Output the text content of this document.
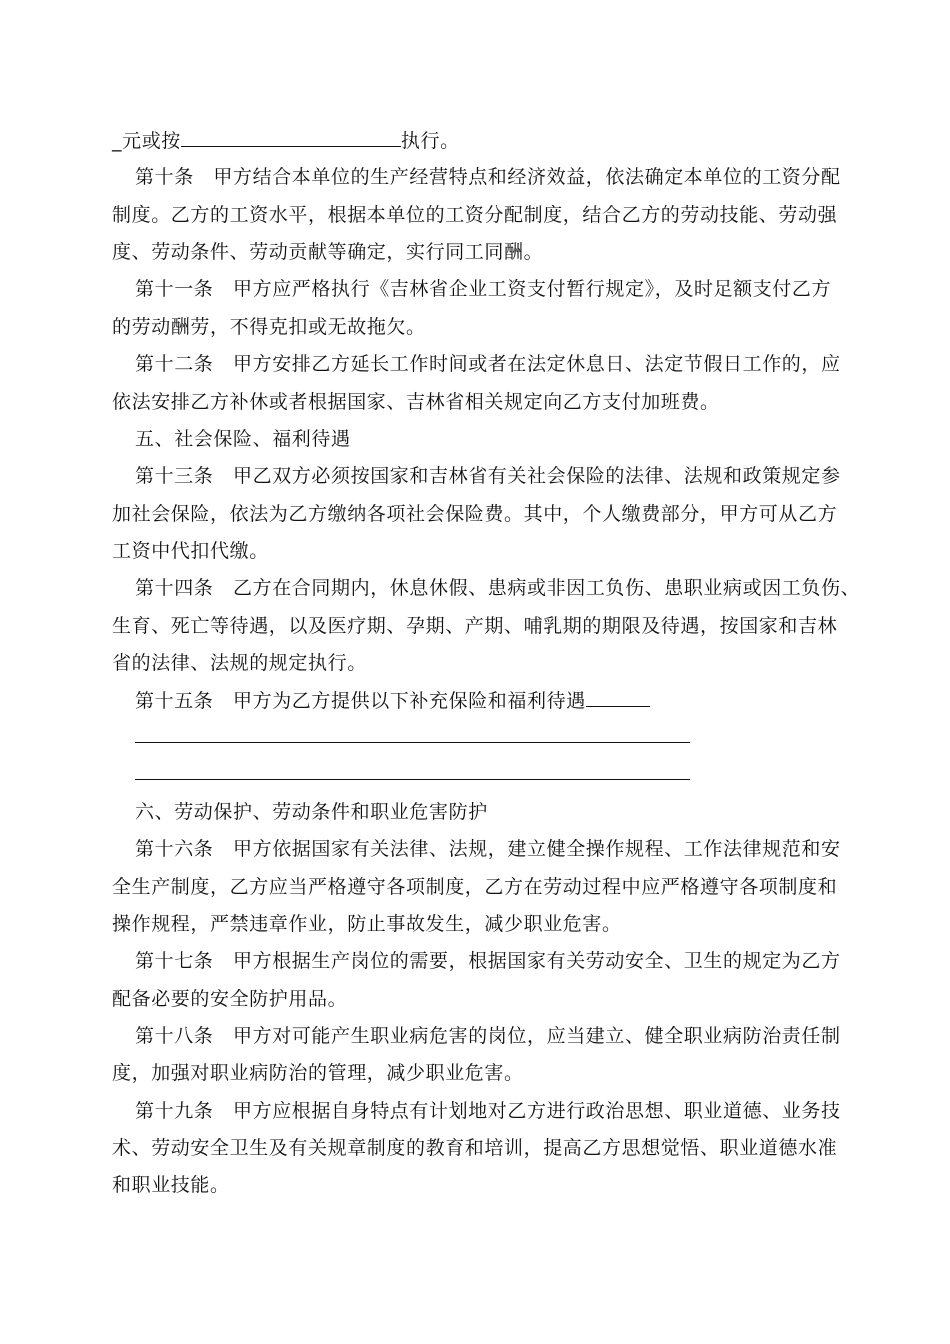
_元或按	执行。
第十条　甲方结合本单位的生产经营特点和经济效益，依法确定本单位的工资分配
制度。乙方的工资水平，根据本单位的工资分配制度，结合乙方的劳动技能、劳动强
度、劳动条件、劳动贡献等确定，实行同工同酬。
第十一条　甲方应严格执行《吉林省企业工资支付暂行规定》，及时足额支付乙方
的劳动酬劳，不得克扣或无故拖欠。
第十二条　甲方安排乙方延长工作时间或者在法定休息日、法定节假日工作的，应
依法安排乙方补休或者根据国家、吉林省相关规定向乙方支付加班费。
五、社会保险、福利待遇
第十三条　甲乙双方必须按国家和吉林省有关社会保险的法律、法规和政策规定参
加社会保险，依法为乙方缴纳各项社会保险费。其中，个人缴费部分，甲方可从乙方
工资中代扣代缴。
第十四条　乙方在合同期内，休息休假、患病或非因工负伤、患职业病或因工负伤、
生育、死亡等待遇，以及医疗期、孕期、产期、哺乳期的期限及待遇，按国家和吉林
省的法律、法规的规定执行。
第十五条　甲方为乙方提供以下补充保险和福利待遇
六、劳动保护、劳动条件和职业危害防护
第十六条　甲方依据国家有关法律、法规，建立健全操作规程、工作法律规范和安
全生产制度，乙方应当严格遵守各项制度，乙方在劳动过程中应严格遵守各项制度和
操作规程，严禁违章作业，防止事故发生，减少职业危害。
第十七条　甲方根据生产岗位的需要，根据国家有关劳动安全、卫生的规定为乙方
配备必要的安全防护用品。
第十八条　甲方对可能产生职业病危害的岗位，应当建立、健全职业病防治责任制
度，加强对职业病防治的管理，减少职业危害。
第十九条　甲方应根据自身特点有计划地对乙方进行政治思想、职业道德、业务技
术、劳动安全卫生及有关规章制度的教育和培训，提高乙方思想觉悟、职业道德水准
和职业技能。
